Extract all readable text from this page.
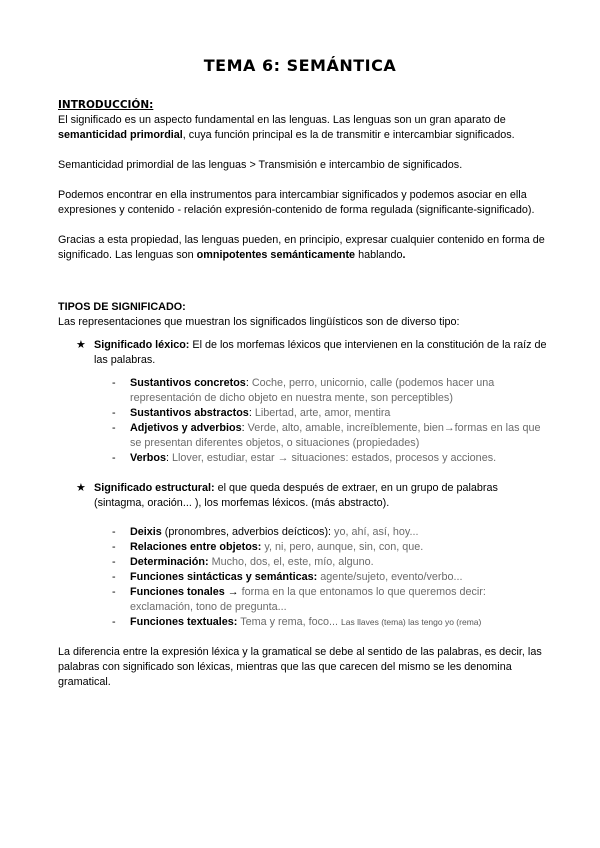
TEMA 6: SEMÁNTICA
INTRODUCCIÓN:

El significado es un aspecto fundamental en las lenguas. Las lenguas son un gran aparato de semanticidad primordial, cuya función principal es la de transmitir e intercambiar significados.

Semanticidad primordial de las lenguas > Transmisión e intercambio de significados.

Podemos encontrar en ella instrumentos para intercambiar significados y podemos asociar en ella expresiones y contenido - relación expresión-contenido de forma regulada (significante-significado).

Gracias a esta propiedad, las lenguas pueden, en principio, expresar cualquier contenido en forma de significado. Las lenguas son omnipotentes semánticamente hablando.

TIPOS DE SIGNIFICADO:

Las representaciones que muestran los significados lingüísticos son de diverso tipo:

★ Significado léxico: El de los morfemas léxicos que intervienen en la constitución de la raíz de las palabras.
- Sustantivos concretos: Coche, perro, unicornio, calle (podemos hacer una representación de dicho objeto en nuestra mente, son perceptibles)
- Sustantivos abstractos: Libertad, arte, amor, mentira
- Adjetivos y adverbios: Verde, alto, amable, increíblemente, bien→formas en las que se presentan diferentes objetos, o situaciones (propiedades)
- Verbos: Llover, estudiar, estar → situaciones: estados, procesos y acciones.
★ Significado estructural: el que queda después de extraer, en un grupo de palabras (sintagma, oración... ), los morfemas léxicos. (más abstracto).
- Deixis (pronombres, adverbios deícticos): yo, ahí, así, hoy...
- Relaciones entre objetos: y, ni, pero, aunque, sin, con, que.
- Determinación: Mucho, dos, el, este, mío, alguno.
- Funciones sintácticas y semánticas: agente/sujeto, evento/verbo...
- Funciones tonales → forma en la que entonamos lo que queremos decir: exclamación, tono de pregunta...
- Funciones textuales: Tema y rema, foco... Las llaves (tema) las tengo yo (rema)

La diferencia entre la expresión léxica y la gramatical se debe al sentido de las palabras, es decir, las palabras con significado son léxicas, mientras que las que carecen del mismo se les denomina gramatical.
